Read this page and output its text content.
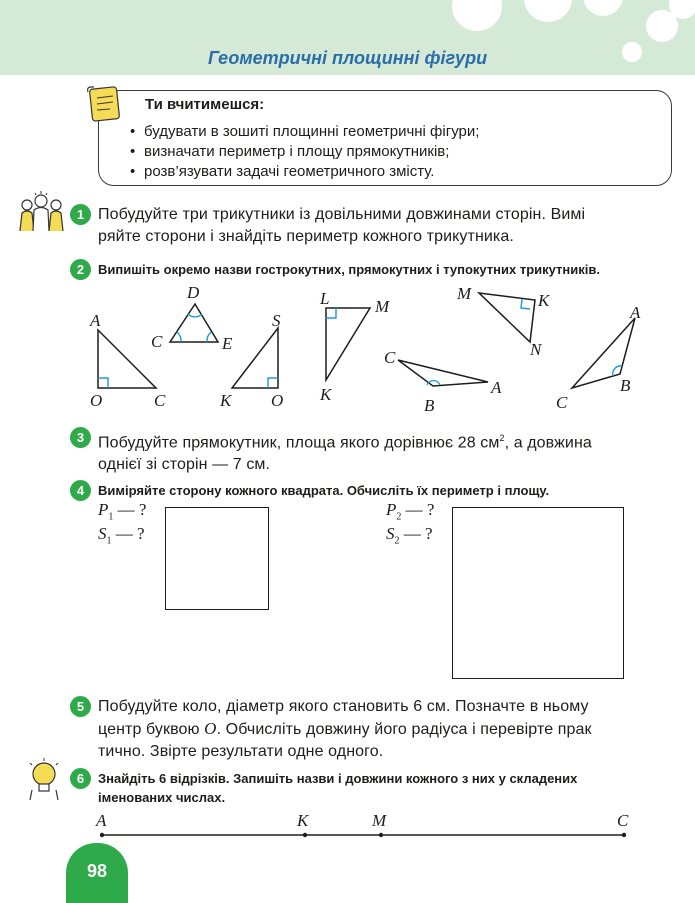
Геометричні площинні фігури
Ти вчитимешся:
• будувати в зошиті площинні геометричні фігури;
• визначати периметр і площу прямокутників;
• розв’язувати задачі геометричного змісту.
1 Побудуйте три трикутники із довільними довжинами сторін. Вимі
ряйте сторони і знайдіть периметр кожного трикутника.
2	Випишіть окремо назви гострокутних, прямокутних і тупокутних трикутників.
A
O	C
D
C	E
S
K O
L	M
K
M	K
N
C
A
B
A
B
C
3 Побудуйте прямокутник, площа якого дорівнює 28 $см^2$, а довжина
однієї зі сторін — 7 см.
4	Виміряйте сторону кожного квадрата. Обчисліть їх периметр і площу.
$P_1$ — ?
$S_1$ — ?
$P_2$ — ?
$S_2$ — ?
5 Побудуйте коло, діаметр якого становить 6 см. Позначте в ньому
центр буквою O. Обчисліть довжину його радіуса і перевірте прак
тично. Звірте результати одне одного.
6	Знайдіть 6 відрізків. Запишіть назви і довжини кожного з них у складених
іменованих числах.
A	K	M	C
98
